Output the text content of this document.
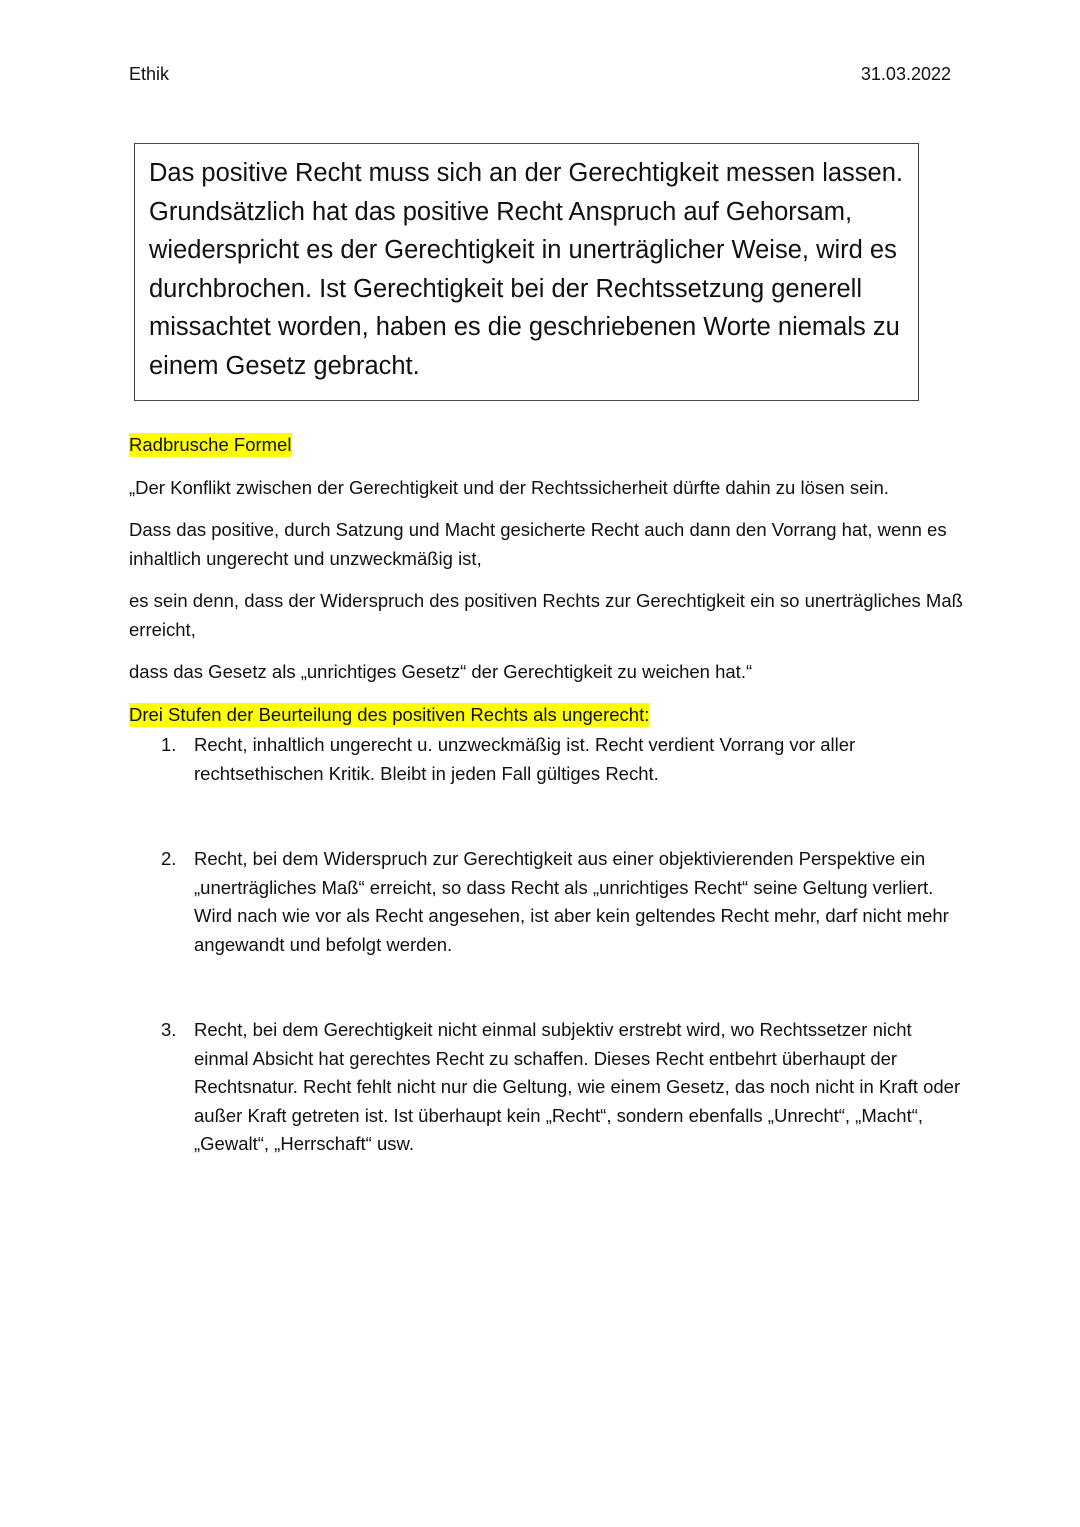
Ethik	31.03.2022
Das positive Recht muss sich an der Gerechtigkeit messen lassen. Grundsätzlich hat das positive Recht Anspruch auf Gehorsam, wiederspricht es der Gerechtigkeit in unerträglicher Weise, wird es durchbrochen. Ist Gerechtigkeit bei der Rechtssetzung generell missachtet worden, haben es die geschriebenen Worte niemals zu einem Gesetz gebracht.

Radbrusche Formel

„Der Konflikt zwischen der Gerechtigkeit und der Rechtssicherheit dürfte dahin zu lösen sein.

Dass das positive, durch Satzung und Macht gesicherte Recht auch dann den Vorrang hat, wenn es inhaltlich ungerecht und unzweckmäßig ist,

es sein denn, dass der Widerspruch des positiven Rechts zur Gerechtigkeit ein so unerträgliches Maß erreicht,

dass das Gesetz als „unrichtiges Gesetz“ der Gerechtigkeit zu weichen hat.“

Drei Stufen der Beurteilung des positiven Rechts als ungerecht:

1. Recht, inhaltlich ungerecht u. unzweckmäßig ist. Recht verdient Vorrang vor aller rechtsethischen Kritik. Bleibt in jeden Fall gültiges Recht.
2. Recht, bei dem Widerspruch zur Gerechtigkeit aus einer objektivierenden Perspektive ein „unerträgliches Maß“ erreicht, so dass Recht als „unrichtiges Recht“ seine Geltung verliert. Wird nach wie vor als Recht angesehen, ist aber kein geltendes Recht mehr, darf nicht mehr angewandt und befolgt werden.
3. Recht, bei dem Gerechtigkeit nicht einmal subjektiv erstrebt wird, wo Rechtssetzer nicht einmal Absicht hat gerechtes Recht zu schaffen. Dieses Recht entbehrt überhaupt der Rechtsnatur. Recht fehlt nicht nur die Geltung, wie einem Gesetz, das noch nicht in Kraft oder außer Kraft getreten ist. Ist überhaupt kein „Recht“, sondern ebenfalls „Unrecht“, „Macht“, „Gewalt“, „Herrschaft“ usw.
